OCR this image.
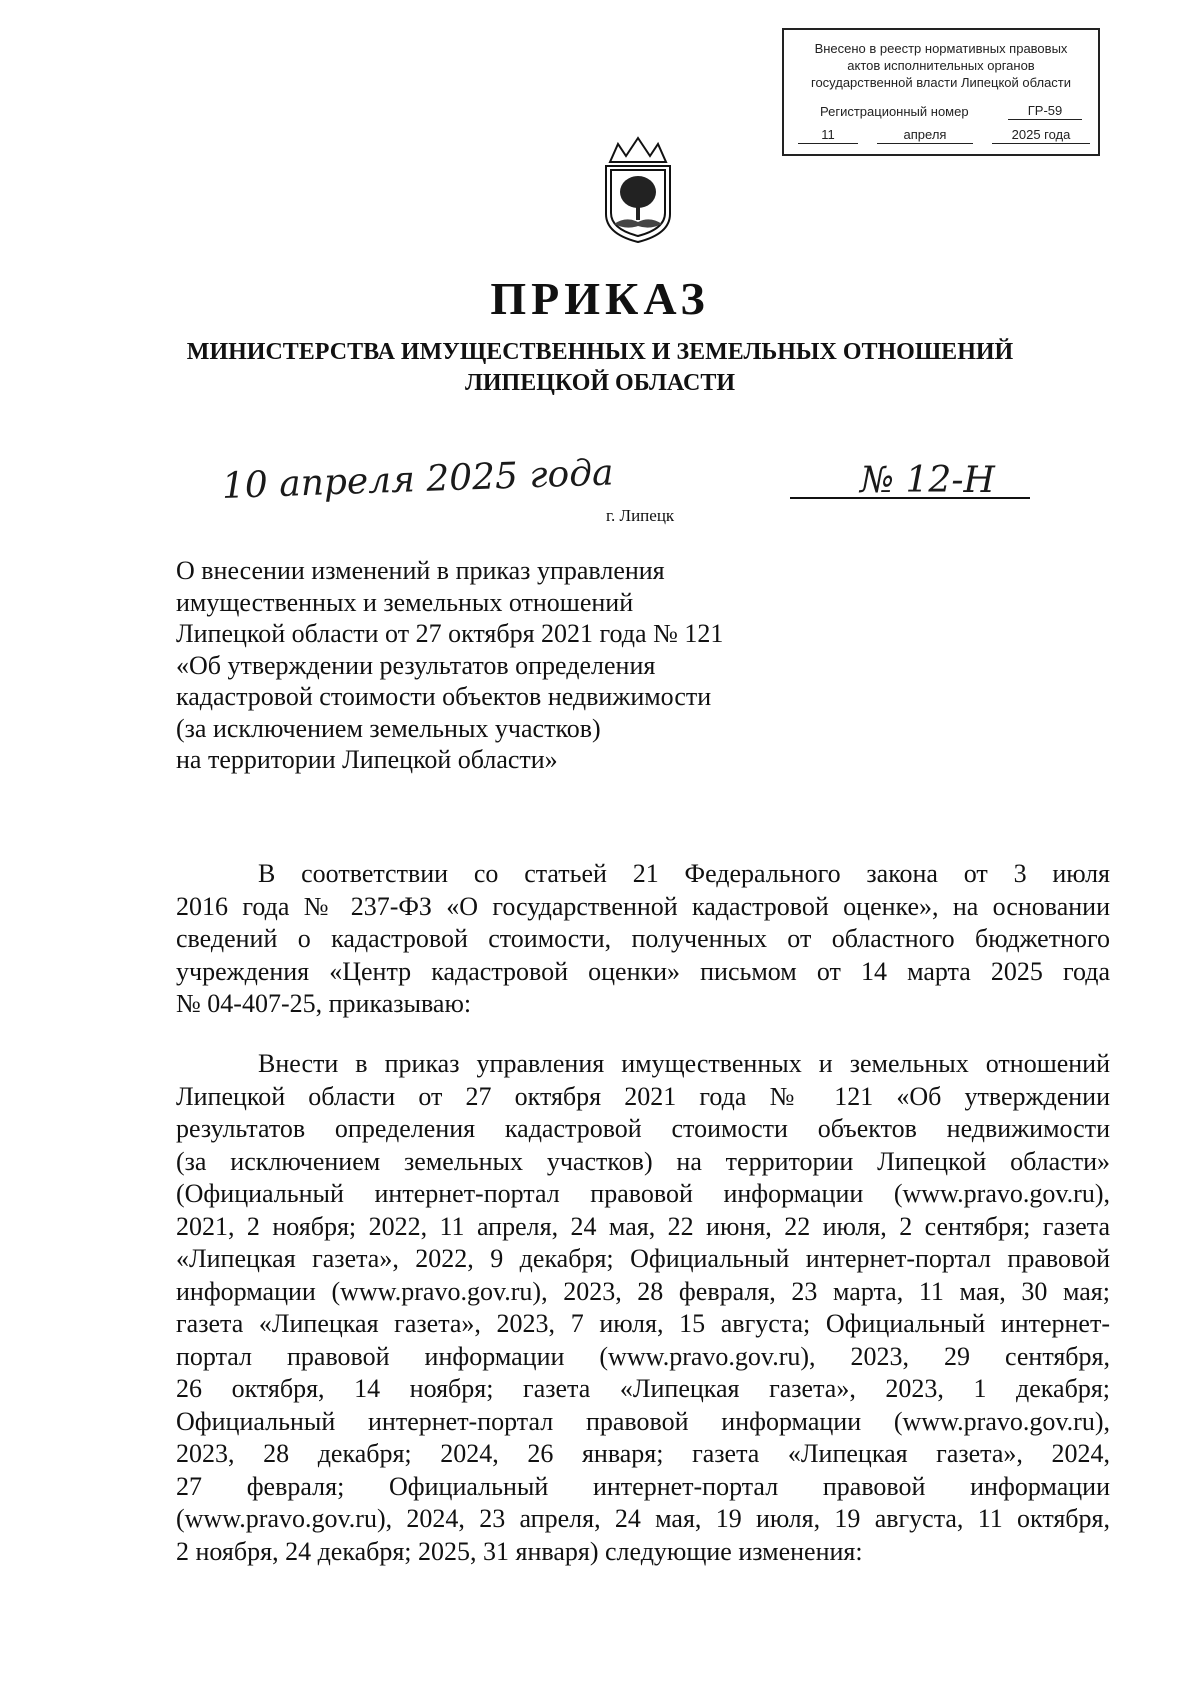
Внесено в реестр нормативных правовых
актов исполнительных органов
государственной власти Липецкой области
Регистрационный номер	ГР-59
11	апреля	2025 года
ПРИКАЗ
МИНИСТЕРСТВА ИМУЩЕСТВЕННЫХ И ЗЕМЕЛЬНЫХ ОТНОШЕНИЙ
ЛИПЕЦКОЙ ОБЛАСТИ
10 апреля 2025 года	№ 12-Н
г. Липецк
О внесении изменений в приказ управления
имущественных и земельных отношений
Липецкой области от 27 октября 2021 года № 121
«Об утверждении результатов определения
кадастровой стоимости объектов недвижимости
(за исключением земельных участков)
на территории Липецкой области»
В соответствии со статьей 21 Федерального закона от 3 июля
2016 года № 237-ФЗ «О государственной кадастровой оценке», на основании
сведений о кадастровой стоимости, полученных от областного бюджетного
учреждения «Центр кадастровой оценки» письмом от 14 марта 2025 года
№ 04-407-25, приказываю:
Внести в приказ управления имущественных и земельных отношений
Липецкой области от 27 октября 2021 года № 121 «Об утверждении
результатов определения кадастровой стоимости объектов недвижимости
(за исключением земельных участков) на территории Липецкой области»
(Официальный интернет-портал правовой информации (www.pravo.gov.ru),
2021, 2 ноября; 2022, 11 апреля, 24 мая, 22 июня, 22 июля, 2 сентября; газета
«Липецкая газета», 2022, 9 декабря; Официальный интернет-портал правовой
информации (www.pravo.gov.ru), 2023, 28 февраля, 23 марта, 11 мая, 30 мая;
газета «Липецкая газета», 2023, 7 июля, 15 августа; Официальный интернет-
портал правовой информации (www.pravo.gov.ru), 2023, 29 сентября,
26 октября, 14 ноября; газета «Липецкая газета», 2023, 1 декабря;
Официальный интернет-портал правовой информации (www.pravo.gov.ru),
2023, 28 декабря; 2024, 26 января; газета «Липецкая газета», 2024,
27 февраля; Официальный интернет-портал правовой информации
(www.pravo.gov.ru), 2024, 23 апреля, 24 мая, 19 июля, 19 августа, 11 октября,
2 ноября, 24 декабря; 2025, 31 января) следующие изменения:
